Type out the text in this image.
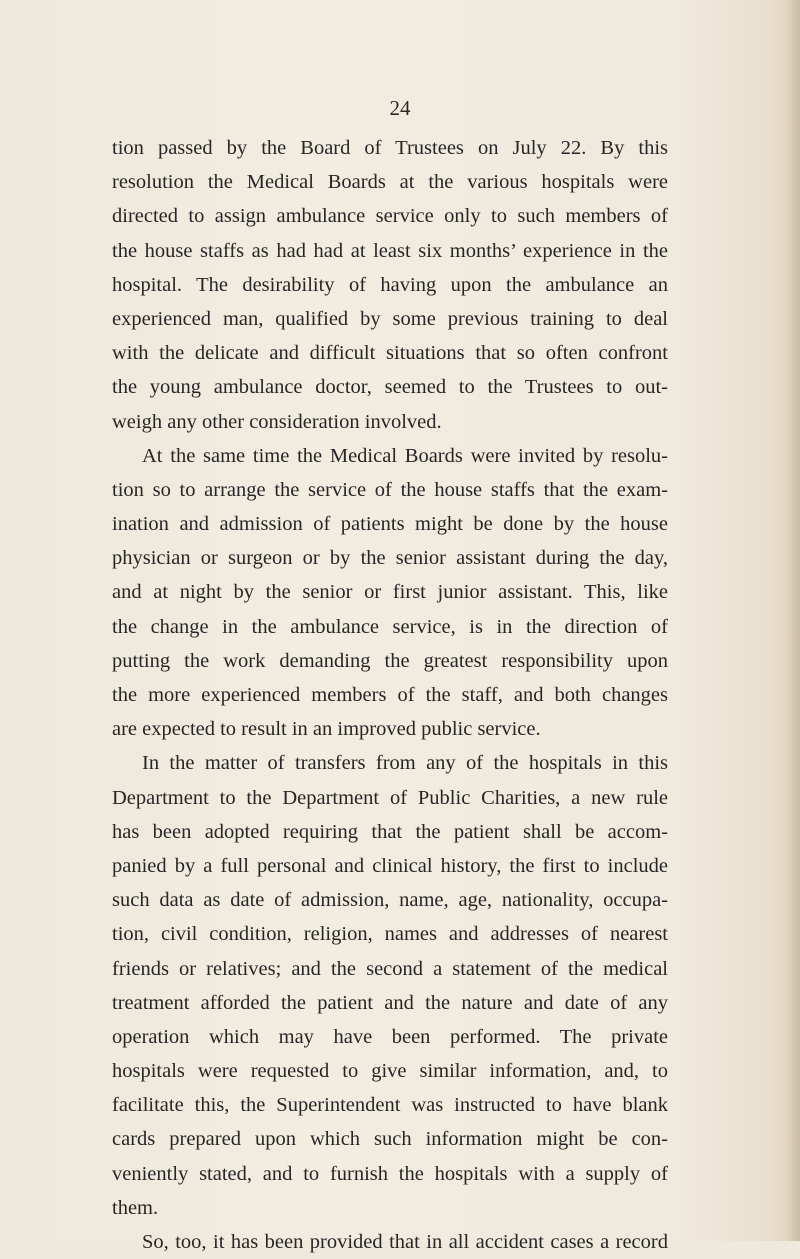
24
tion passed by the Board of Trustees on July 22. By this
resolution the Medical Boards at the various hospitals were
directed to assign ambulance service only to such members of
the house staffs as had had at least six months’ experience in the
hospital. The desirability of having upon the ambulance an
experienced man, qualified by some previous training to deal
with the delicate and difficult situations that so often confront
the young ambulance doctor, seemed to the Trustees to out-
weigh any other consideration involved.
At the same time the Medical Boards were invited by resolu-
tion so to arrange the service of the house staffs that the exam-
ination and admission of patients might be done by the house
physician or surgeon or by the senior assistant during the day,
and at night by the senior or first junior assistant. This, like
the change in the ambulance service, is in the direction of
putting the work demanding the greatest responsibility upon
the more experienced members of the staff, and both changes
are expected to result in an improved public service.
In the matter of transfers from any of the hospitals in this
Department to the Department of Public Charities, a new rule
has been adopted requiring that the patient shall be accom-
panied by a full personal and clinical history, the first to include
such data as date of admission, name, age, nationality, occupa-
tion, civil condition, religion, names and addresses of nearest
friends or relatives; and the second a statement of the medical
treatment afforded the patient and the nature and date of any
operation which may have been performed. The private
hospitals were requested to give similar information, and, to
facilitate this, the Superintendent was instructed to have blank
cards prepared upon which such information might be con-
veniently stated, and to furnish the hospitals with a supply of
them.
So, too, it has been provided that in all accident cases a record
